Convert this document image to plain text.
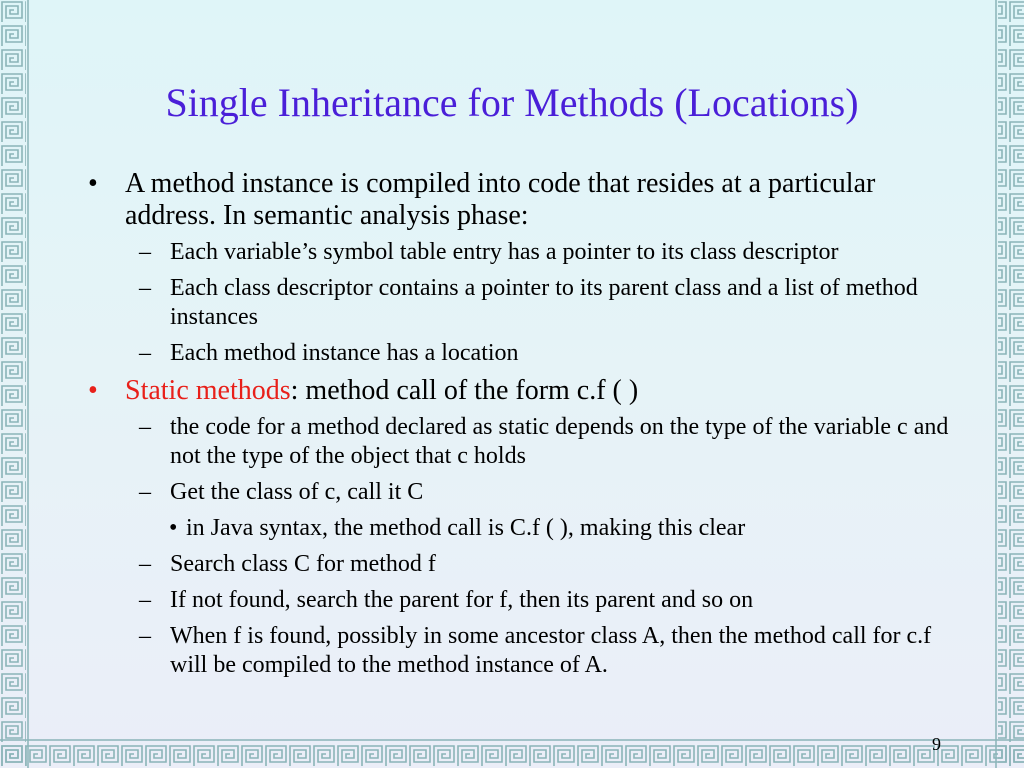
Single Inheritance for Methods (Locations)

• A method instance is compiled into code that resides at a particular address. In semantic analysis phase:

– Each variable’s symbol table entry has a pointer to its class descriptor

– Each class descriptor contains a pointer to its parent class and a list of method instances

– Each method instance has a location

• Static methods: method call of the form c.f ( )

– the code for a method declared as static depends on the type of the variable c and not the type of the object that c holds

– Get the class of c, call it C

• in Java syntax, the method call is C.f ( ), making this clear

– Search class C for method f

– If not found, search the parent for f, then its parent and so on

– When f is found, possibly in some ancestor class A, then the method call for c.f will be compiled to the method instance of A.

9
